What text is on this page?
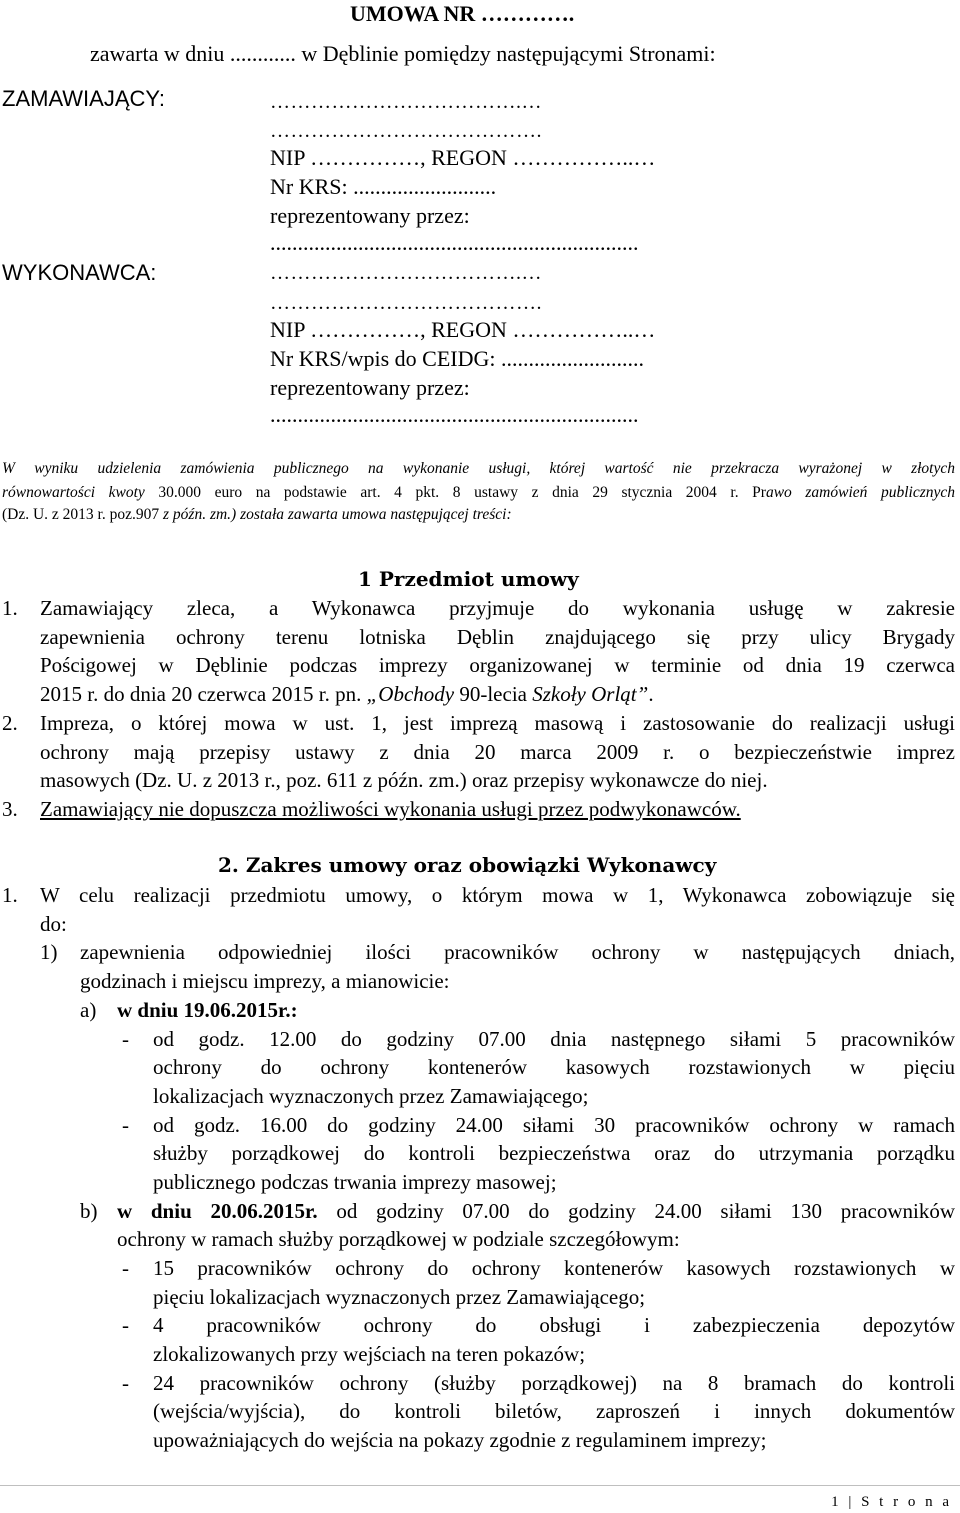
UMOWA NR ………….
zawarta w dniu ............ w Dęblinie pomiędzy następującymi Stronami:
ZAMAWIAJĄCY:	……………………………….…
………………………………….
NIP ……………, REGON ……………..…
Nr KRS: ..........................
reprezentowany przez:
...................................................................
WYKONAWCA:	……………………………….…
………………………………….
NIP ……………, REGON ……………..…
Nr KRS/wpis do CEIDG: ..........................
reprezentowany przez:
...................................................................
W wyniku udzielenia zamówienia publicznego na wykonanie usługi, której wartość nie przekracza wyrażonej w złotych
równowartości kwoty 30.000 euro na podstawie art. 4 pkt. 8 ustawy z dnia 29 stycznia 2004 r. Prawo zamówień publicznych
(Dz. U. z 2013 r. poz.907 z późn. zm.) została zawarta umowa następującej treści:
1 Przedmiot umowy
1. Zamawiający zleca, a Wykonawca przyjmuje do wykonania usługę w zakresie
zapewnienia ochrony terenu lotniska Dęblin znajdującego się przy ulicy Brygady
Pościgowej w Dęblinie podczas imprezy organizowanej w terminie od dnia 19 czerwca
2015 r. do dnia 20 czerwca 2015 r. pn. „Obchody 90-lecia Szkoły Orląt”.
2. Impreza, o której mowa w ust. 1, jest imprezą masową i zastosowanie do realizacji usługi
ochrony mają przepisy ustawy z dnia 20 marca 2009 r. o bezpieczeństwie imprez
masowych (Dz. U. z 2013 r., poz. 611 z późn. zm.) oraz przepisy wykonawcze do niej.
3. Zamawiający nie dopuszcza możliwości wykonania usługi przez podwykonawców.
2. Zakres umowy oraz obowiązki Wykonawcy
1. W celu realizacji przedmiotu umowy, o którym mowa w 1, Wykonawca zobowiązuje się
do:
1) zapewnienia odpowiedniej ilości pracowników ochrony w następujących dniach,
godzinach i miejscu imprezy, a mianowicie:
a) w dniu 19.06.2015r.:
- od godz. 12.00 do godziny 07.00 dnia następnego siłami 5 pracowników
ochrony do ochrony kontenerów kasowych rozstawionych w pięciu
lokalizacjach wyznaczonych przez Zamawiającego;
- od godz. 16.00 do godziny 24.00 siłami 30 pracowników ochrony w ramach
służby porządkowej do kontroli bezpieczeństwa oraz do utrzymania porządku
publicznego podczas trwania imprezy masowej;
b) w dniu 20.06.2015r. od godziny 07.00 do godziny 24.00 siłami 130 pracowników
ochrony w ramach służby porządkowej w podziale szczegółowym:
- 15 pracowników ochrony do ochrony kontenerów kasowych rozstawionych w
pięciu lokalizacjach wyznaczonych przez Zamawiającego;
- 4 pracowników ochrony do obsługi i zabezpieczenia depozytów
zlokalizowanych przy wejściach na teren pokazów;
- 24 pracowników ochrony (służby porządkowej) na 8 bramach do kontroli
(wejścia/wyjścia), do kontroli biletów, zaproszeń i innych dokumentów
upoważniających do wejścia na pokazy zgodnie z regulaminem imprezy;
1 | S t r o n a
